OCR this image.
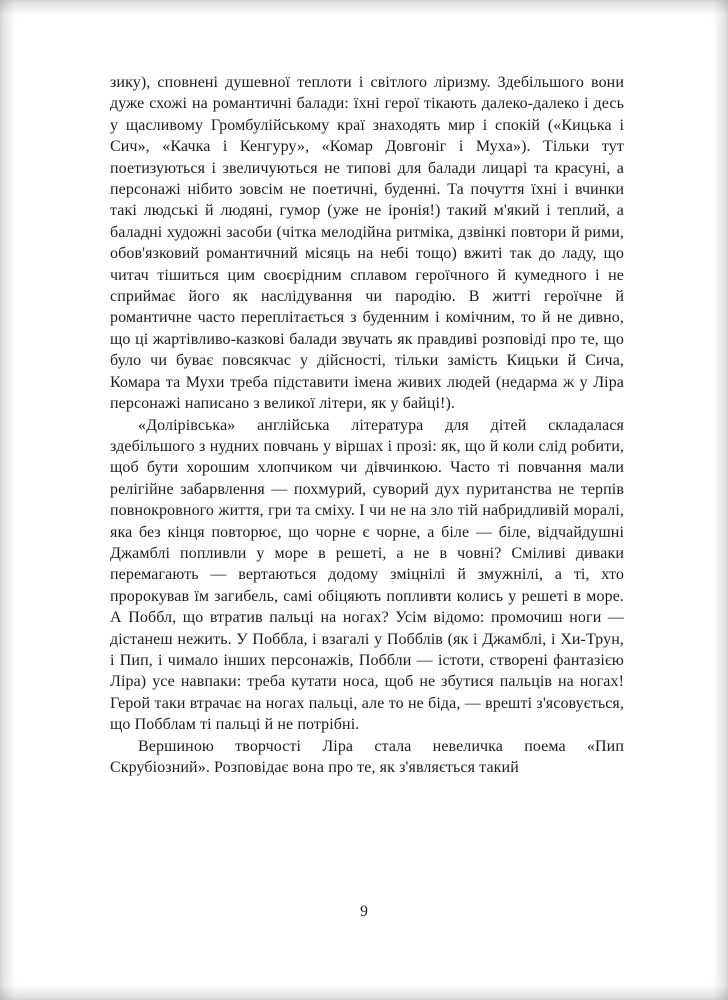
зику), сповнені душевної теплоти і світлого ліризму. Здебільшого вони дуже схожі на романтичні балади: їхні герої тікають далеко-далеко і десь у щасливому Громбулійському краї знаходять мир і спокій («Кицька і Сич», «Качка і Кенгуру», «Комар Довгоніг і Муха»). Тільки тут поетизуються і звеличуються не типові для балади лицарі та красуні, а персонажі нібито зовсім не поетичні, буденні. Та почуття їхні і вчинки такі людські й людяні, гумор (уже не іронія!) такий м'який і теплий, а баладні художні засоби (чітка мелодійна ритміка, дзвінкі повтори й рими, обов'язковий романтичний місяць на небі тощо) вжиті так до ладу, що читач тішиться цим своєрідним сплавом героїчного й кумедного і не сприймає його як наслідування чи пародію. В житті героїчне й романтичне часто переплітається з буденним і комічним, то й не дивно, що ці жартівливо-казкові балади звучать як правдиві розповіді про те, що було чи буває повсякчас у дійсності, тільки замість Кицьки й Сича, Комара та Мухи треба підставити імена живих людей (недарма ж у Ліра персонажі написано з великої літери, як у байці!).

«Долірівська» англійська література для дітей складалася здебільшого з нудних повчань у віршах і прозі: як, що й коли слід робити, щоб бути хорошим хлопчиком чи дівчинкою. Часто ті повчання мали релігійне забарвлення — похмурий, суворий дух пуританства не терпів повнокровного життя, гри та сміху. І чи не на зло тій набридливій моралі, яка без кінця повторює, що чорне є чорне, а біле — біле, відчайдушні Джамблі попливли у море в решеті, а не в човні? Сміливі диваки перемагають — вертаються додому зміцнілі й змужнілі, а ті, хто пророкував їм загибель, самі обіцяють попливти колись у решеті в море. А Поббл, що втратив пальці на ногах? Усім відомо: промочиш ноги — дістанеш нежить. У Поббла, і взагалі у Побблів (як і Джамблі, і Хи-Трун, і Пип, і чимало інших персонажів, Поббли — істоти, створені фантазією Ліра) усе навпаки: треба кутати носа, щоб не збутися пальців на ногах! Герой таки втрачає на ногах пальці, але то не біда, — врешті з'ясовується, що Побблам ті пальці й не потрібні.

Вершиною творчості Ліра стала невеличка поема «Пип Скрубіозний». Розповідає вона про те, як з'являється такий

9
